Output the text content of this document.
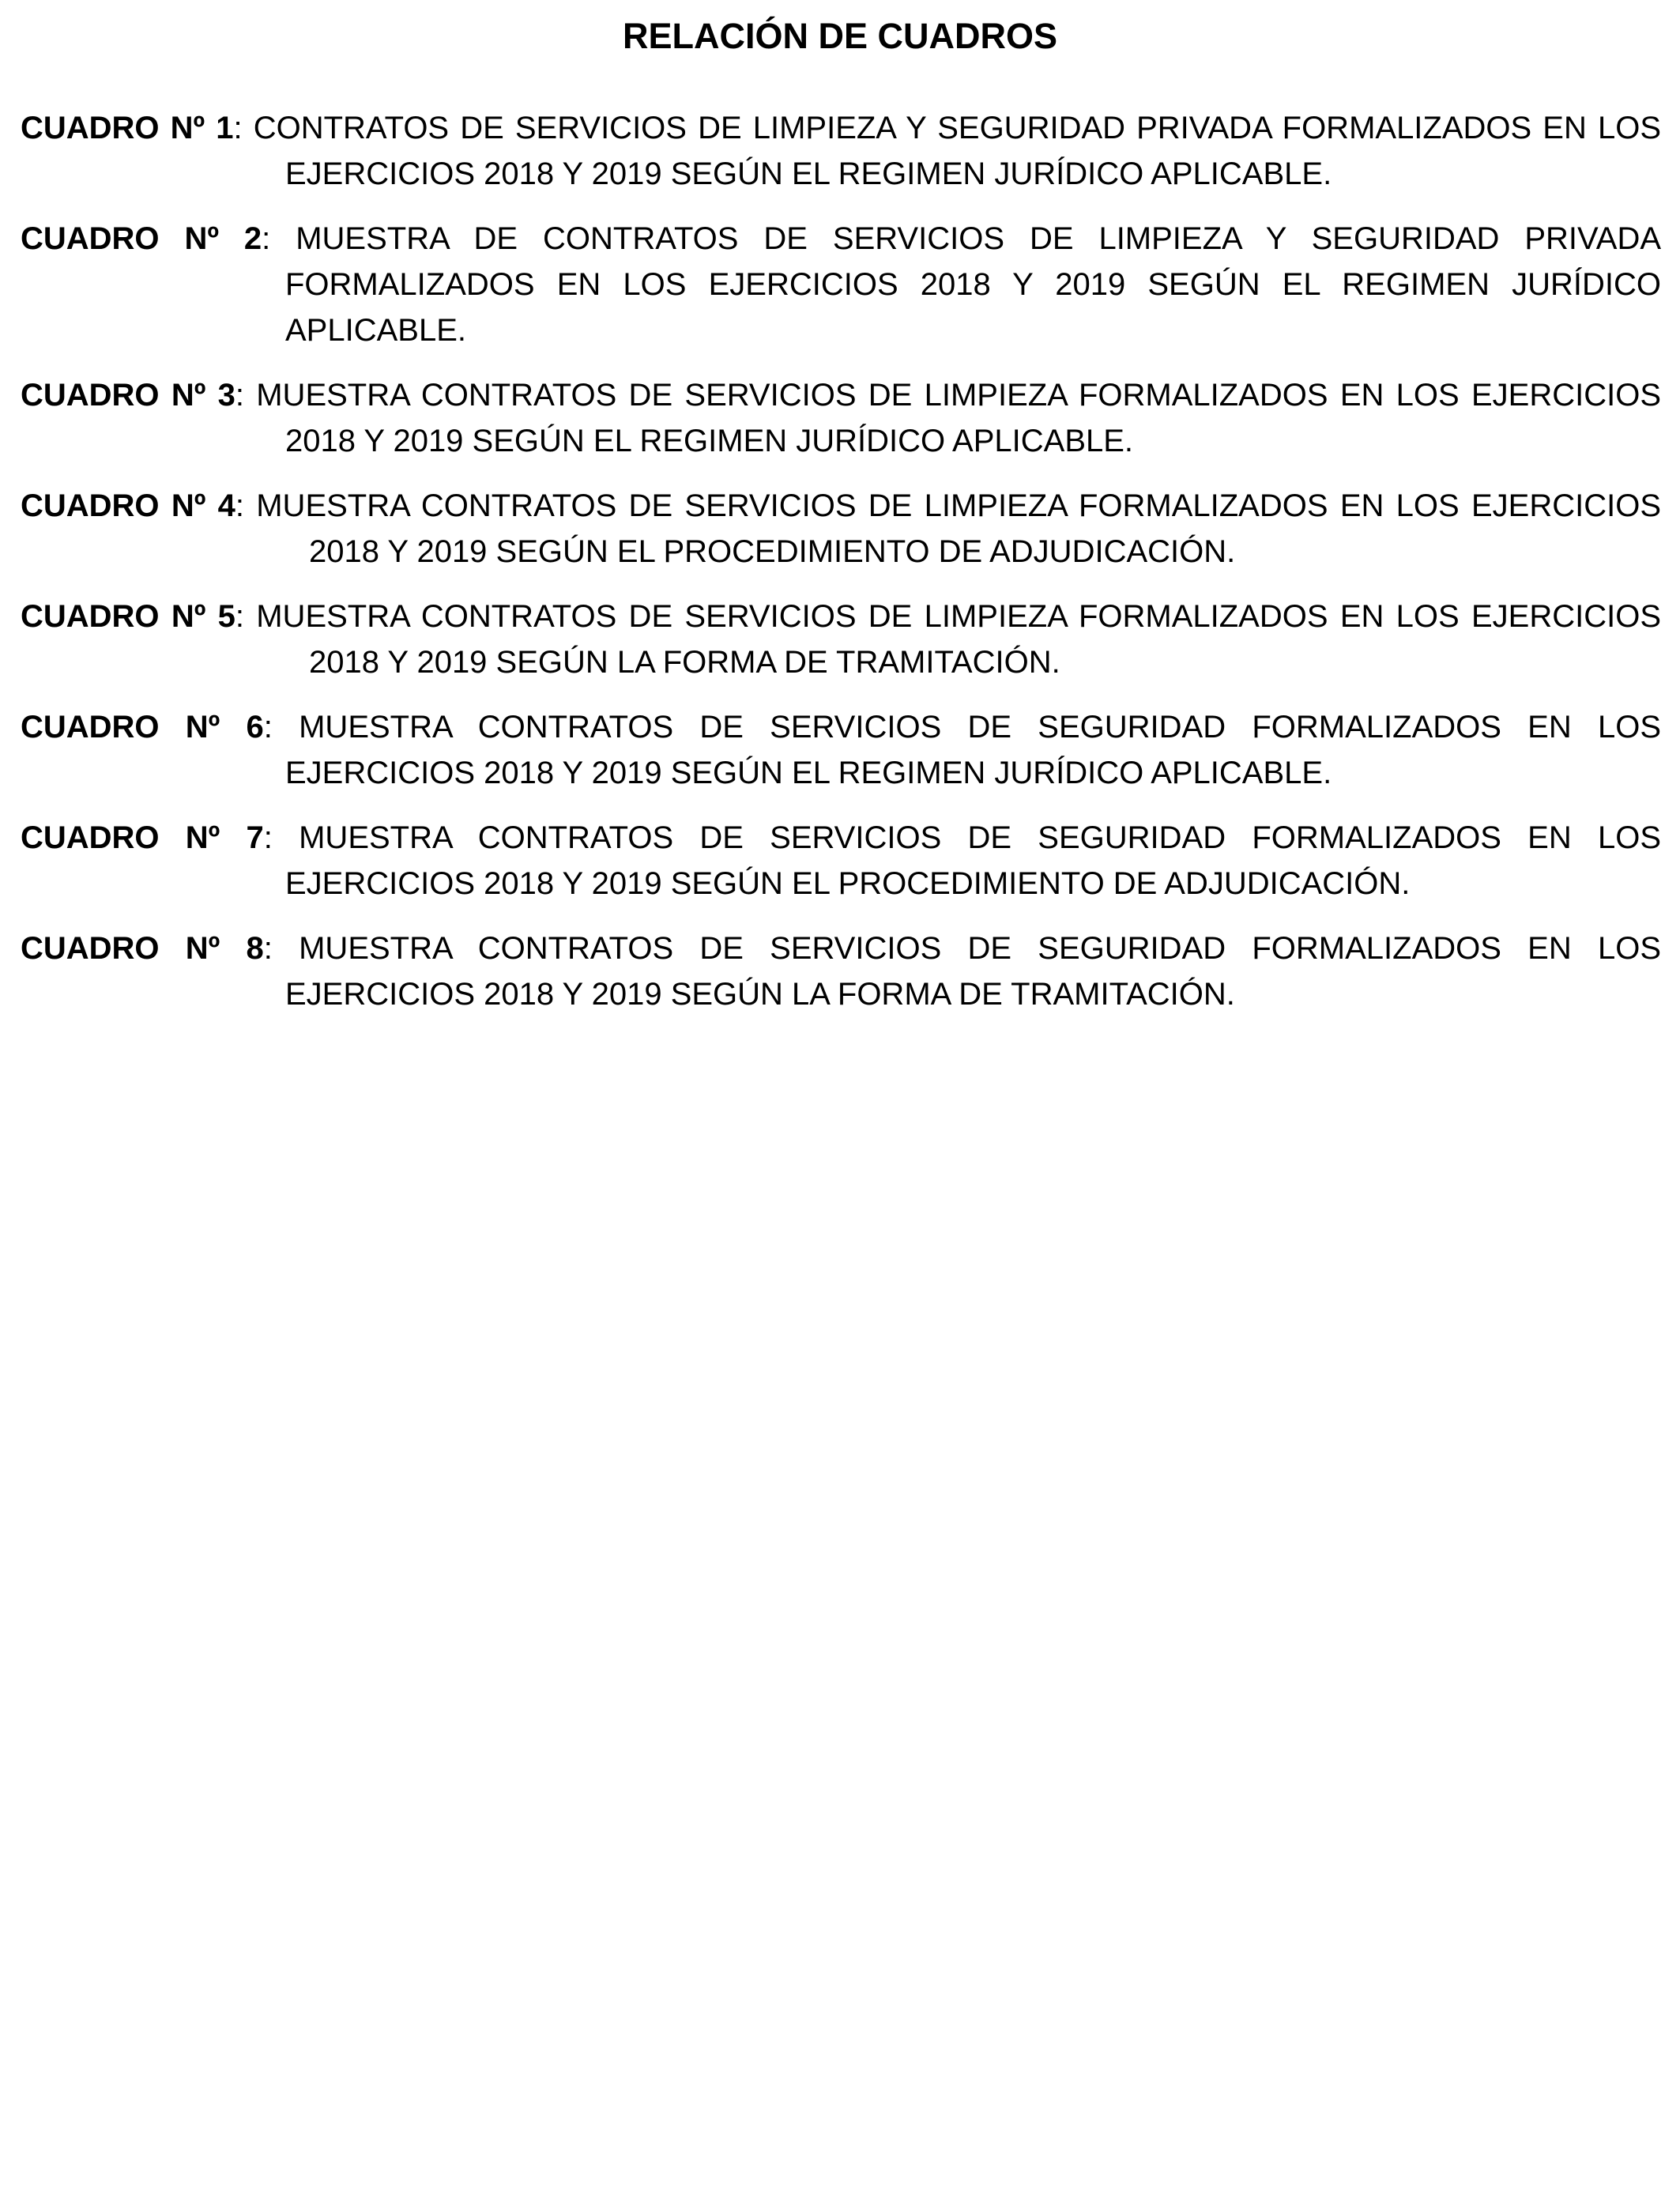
RELACIÓN DE CUADROS
CUADRO Nº 1: CONTRATOS DE SERVICIOS DE LIMPIEZA Y SEGURIDAD PRIVADA FORMALIZADOS EN LOS EJERCICIOS 2018 Y 2019 SEGÚN EL REGIMEN JURÍDICO APLICABLE.
CUADRO Nº 2: MUESTRA DE CONTRATOS DE SERVICIOS DE LIMPIEZA Y SEGURIDAD PRIVADA FORMALIZADOS EN LOS EJERCICIOS 2018 Y 2019 SEGÚN EL REGIMEN JURÍDICO APLICABLE.
CUADRO Nº 3: MUESTRA CONTRATOS DE SERVICIOS DE LIMPIEZA FORMALIZADOS EN LOS EJERCICIOS 2018 Y 2019 SEGÚN EL REGIMEN JURÍDICO APLICABLE.
CUADRO Nº 4: MUESTRA CONTRATOS DE SERVICIOS DE LIMPIEZA FORMALIZADOS EN LOS EJERCICIOS 2018 Y 2019 SEGÚN EL PROCEDIMIENTO DE ADJUDICACIÓN.
CUADRO Nº 5: MUESTRA CONTRATOS DE SERVICIOS DE LIMPIEZA FORMALIZADOS EN LOS EJERCICIOS 2018 Y 2019 SEGÚN LA FORMA DE TRAMITACIÓN.
CUADRO Nº 6: MUESTRA CONTRATOS DE SERVICIOS DE SEGURIDAD FORMALIZADOS EN LOS EJERCICIOS 2018 Y 2019 SEGÚN EL REGIMEN JURÍDICO APLICABLE.
CUADRO Nº 7: MUESTRA CONTRATOS DE SERVICIOS DE SEGURIDAD FORMALIZADOS EN LOS EJERCICIOS 2018 Y 2019 SEGÚN EL PROCEDIMIENTO DE ADJUDICACIÓN.
CUADRO Nº 8: MUESTRA CONTRATOS DE SERVICIOS DE SEGURIDAD FORMALIZADOS EN LOS EJERCICIOS 2018 Y 2019 SEGÚN LA FORMA DE TRAMITACIÓN.
